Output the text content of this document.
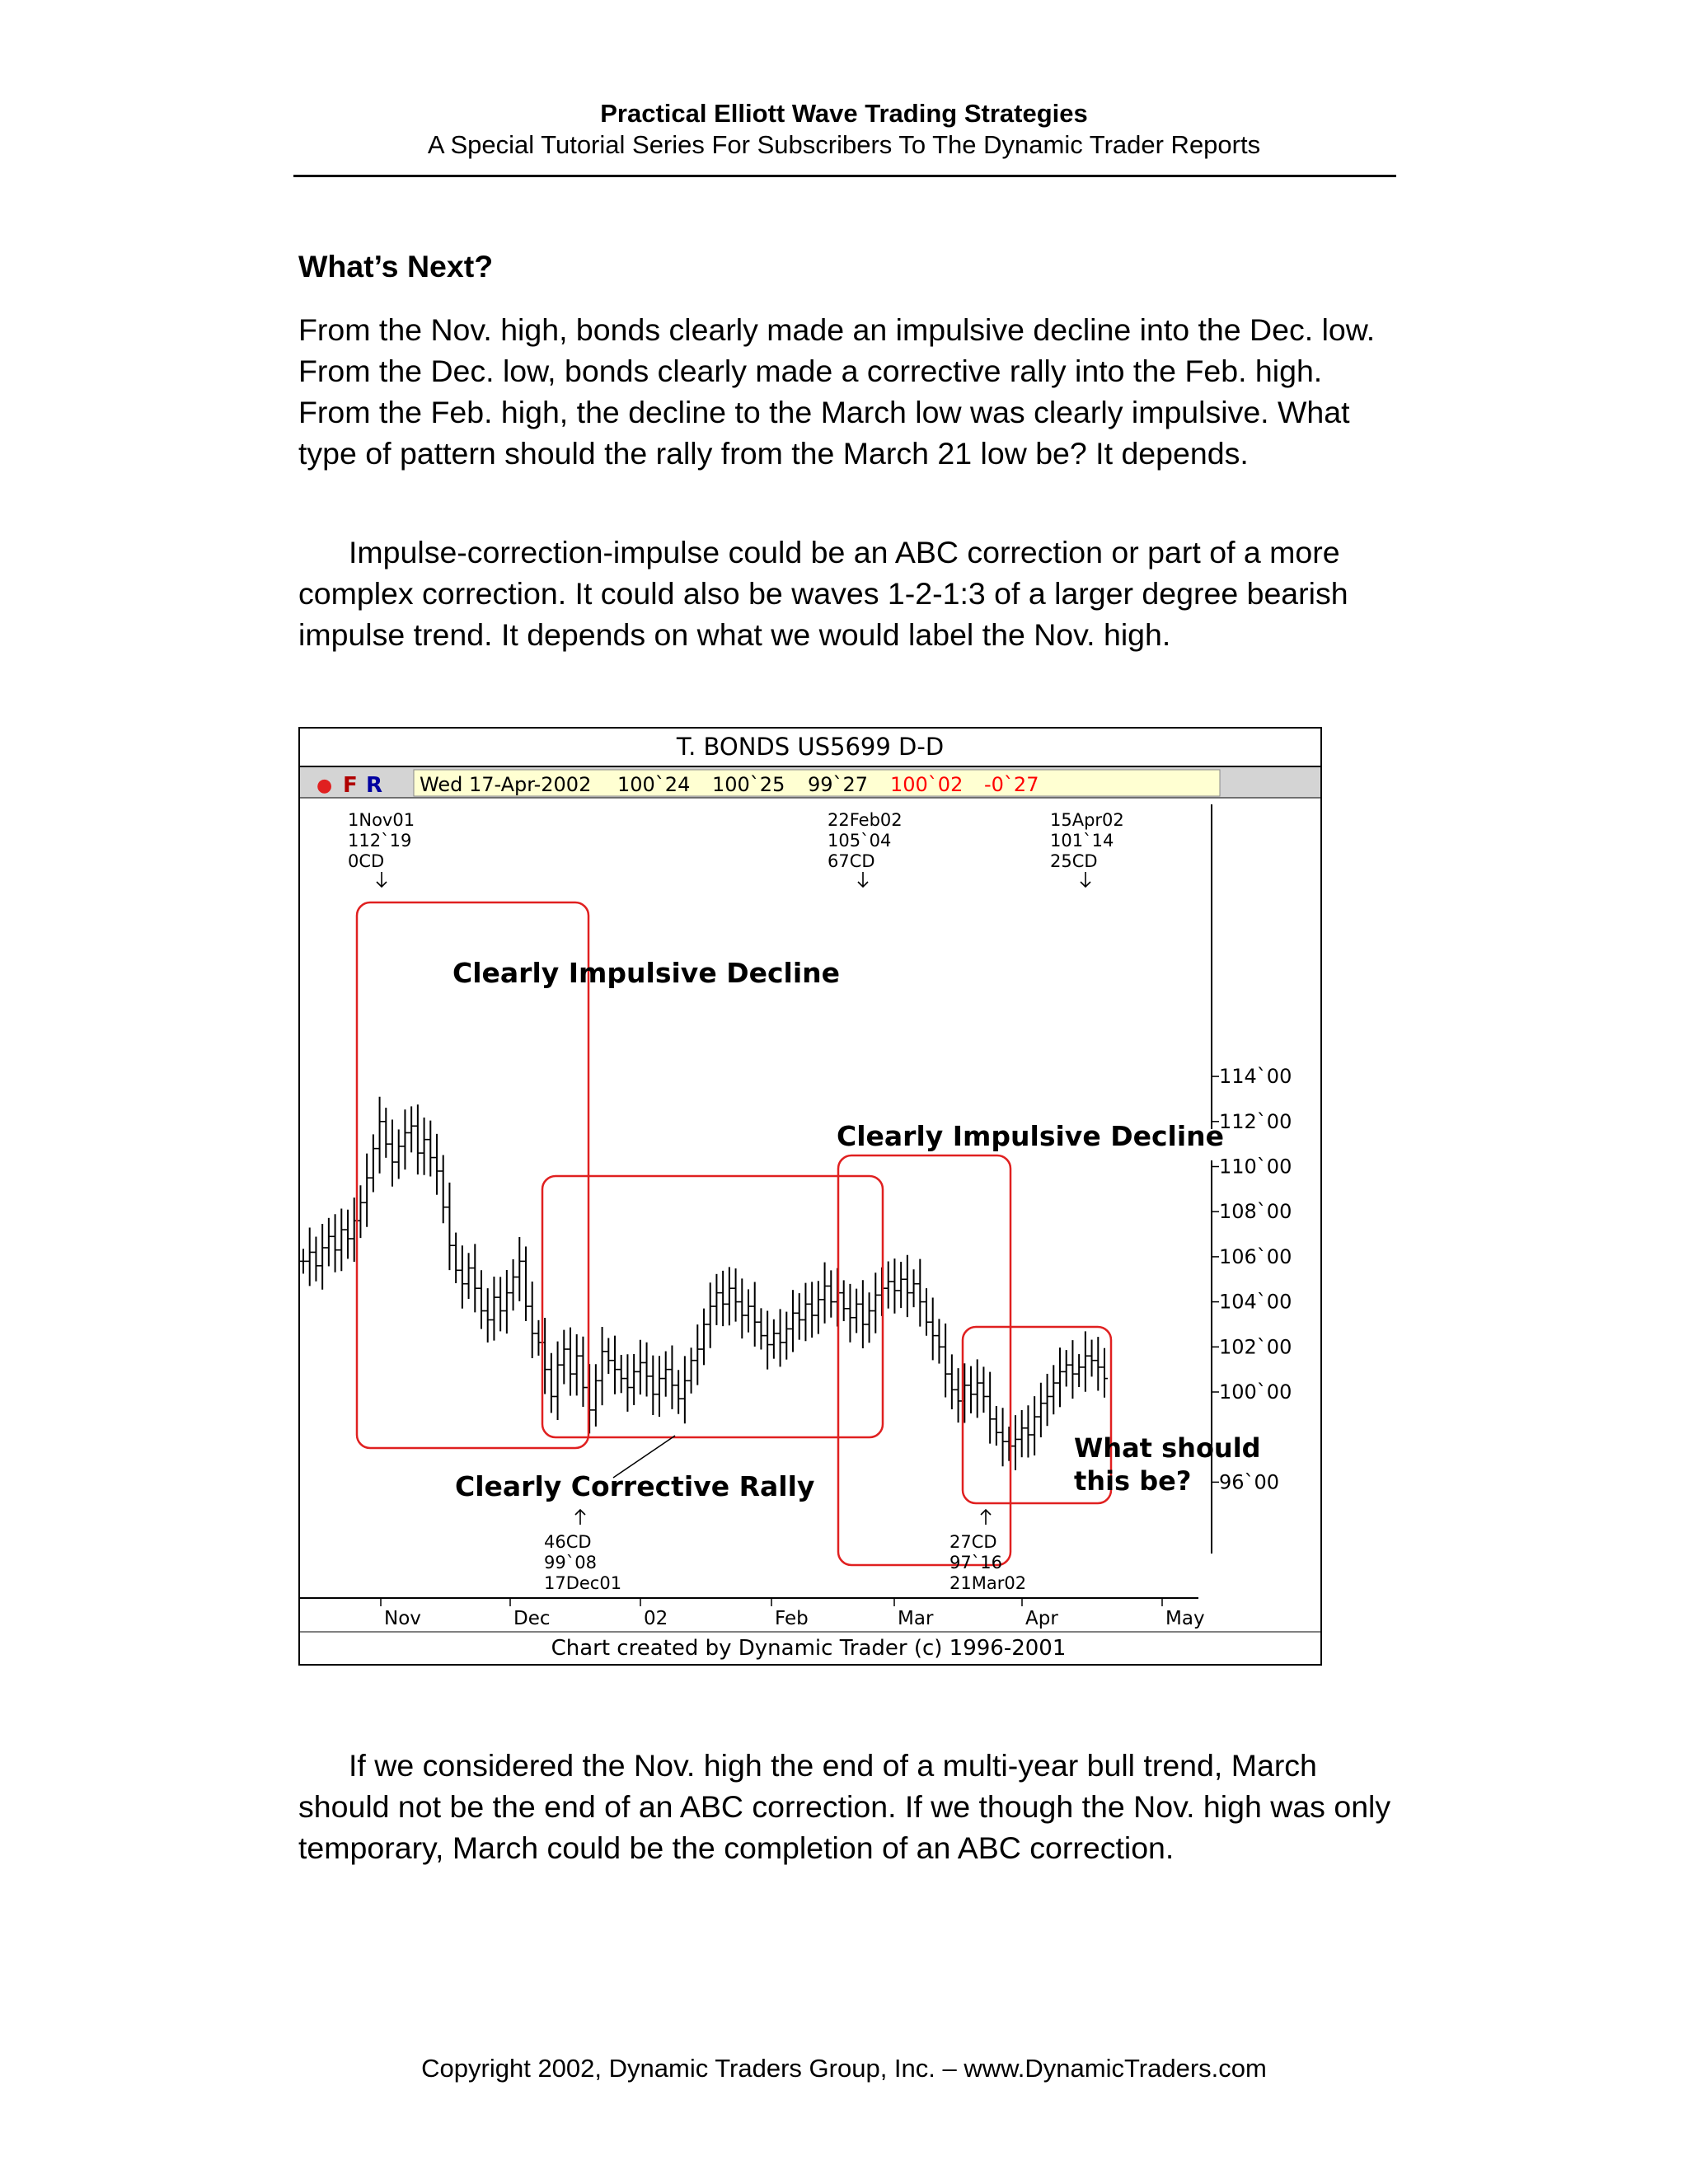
Practical Elliott Wave Trading Strategies
A Special Tutorial Series For Subscribers To The Dynamic Trader Reports
What’s Next?

From the Nov. high, bonds clearly made an impulsive decline into the Dec. low. From the Dec. low, bonds clearly made a corrective rally into the Feb. high. From the Feb. high, the decline to the March low was clearly impulsive. What type of pattern should the rally from the March 21 low be? It depends.

Impulse-correction-impulse could be an ABC correction or part of a more complex correction. It could also be waves 1-2-1:3 of a larger degree bearish impulse trend. It depends on what we would label the Nov. high.

T. BONDS US5699 D-D
● F R Wed 17-Apr-2002 100`24 100`25 99`27 100`02 -0`27
114`00
112`00
110`00
108`00
106`00
104`00
102`00
100`00
96`00
Nov	Dec	02	Feb	Mar	Apr	May
Clearly Impulsive Decline
Clearly Impulsive Decline
Clearly Corrective Rally
What should
this be?
1Nov01
112`19
0CD
22Feb02
105`04
67CD
15Apr02
101`14
25CD
46CD
99`08
17Dec01
27CD
97`16
21Mar02
Chart created by Dynamic Trader (c) 1996-2001

If we considered the Nov. high the end of a multi-year bull trend, March should not be the end of an ABC correction. If we though the Nov. high was only temporary, March could be the completion of an ABC correction.

Copyright 2002, Dynamic Traders Group, Inc. – www.DynamicTraders.com
